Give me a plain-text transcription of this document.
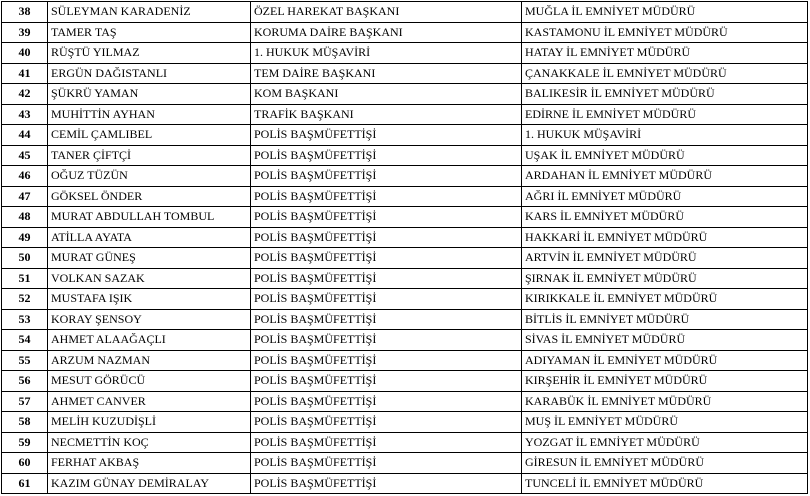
38	SÜLEYMAN KARADENİZ	ÖZEL HAREKAT BAŞKANI	MUĞLA İL EMNİYET MÜDÜRÜ
39	TAMER TAŞ	KORUMA DAİRE BAŞKANI	KASTAMONU İL EMNİYET MÜDÜRÜ
40	RÜŞTÜ YILMAZ	1. HUKUK MÜŞAVİRİ	HATAY İL EMNİYET MÜDÜRÜ
41	ERGÜN DAĞISTANLI	TEM DAİRE BAŞKANI	ÇANAKKALE İL EMNİYET MÜDÜRÜ
42	ŞÜKRÜ YAMAN	KOM BAŞKANI	BALIKESİR İL EMNİYET MÜDÜRÜ
43	MUHİTTİN AYHAN	TRAFİK BAŞKANI	EDİRNE İL EMNİYET MÜDÜRÜ
44	CEMİL ÇAMLIBEL	POLİS BAŞMÜFETTİŞİ	1. HUKUK MÜŞAVİRİ
45	TANER ÇİFTÇİ	POLİS BAŞMÜFETTİŞİ	UŞAK İL EMNİYET MÜDÜRÜ
46	OĞUZ TÜZÜN	POLİS BAŞMÜFETTİŞİ	ARDAHAN İL EMNİYET MÜDÜRÜ
47	GÖKSEL ÖNDER	POLİS BAŞMÜFETTİŞİ	AĞRI İL EMNİYET MÜDÜRÜ
48	MURAT ABDULLAH TOMBUL	POLİS BAŞMÜFETTİŞİ	KARS İL EMNİYET MÜDÜRÜ
49	ATİLLA AYATA	POLİS BAŞMÜFETTİŞİ	HAKKARİ İL EMNİYET MÜDÜRÜ
50	MURAT GÜNEŞ	POLİS BAŞMÜFETTİŞİ	ARTVİN İL EMNİYET MÜDÜRÜ
51	VOLKAN SAZAK	POLİS BAŞMÜFETTİŞİ	ŞIRNAK İL EMNİYET MÜDÜRÜ
52	MUSTAFA IŞIK	POLİS BAŞMÜFETTİŞİ	KIRIKKALE İL EMNİYET MÜDÜRÜ
53	KORAY ŞENSOY	POLİS BAŞMÜFETTİŞİ	BİTLİS İL EMNİYET MÜDÜRÜ
54	AHMET ALAAĞAÇLI	POLİS BAŞMÜFETTİŞİ	SİVAS İL EMNİYET MÜDÜRÜ
55	ARZUM NAZMAN	POLİS BAŞMÜFETTİŞİ	ADIYAMAN İL EMNİYET MÜDÜRÜ
56	MESUT GÖRÜCÜ	POLİS BAŞMÜFETTİŞİ	KIRŞEHİR İL EMNİYET MÜDÜRÜ
57	AHMET CANVER	POLİS BAŞMÜFETTİŞİ	KARABÜK İL EMNİYET MÜDÜRÜ
58	MELİH KUZUDİŞLİ	POLİS BAŞMÜFETTİŞİ	MUŞ İL EMNİYET MÜDÜRÜ
59	NECMETTİN KOÇ	POLİS BAŞMÜFETTİŞİ	YOZGAT İL EMNİYET MÜDÜRÜ
60	FERHAT AKBAŞ	POLİS BAŞMÜFETTİŞİ	GİRESUN İL EMNİYET MÜDÜRÜ
61	KAZIM GÜNAY DEMİRALAY	POLİS BAŞMÜFETTİŞİ	TUNCELİ İL EMNİYET MÜDÜRÜ
